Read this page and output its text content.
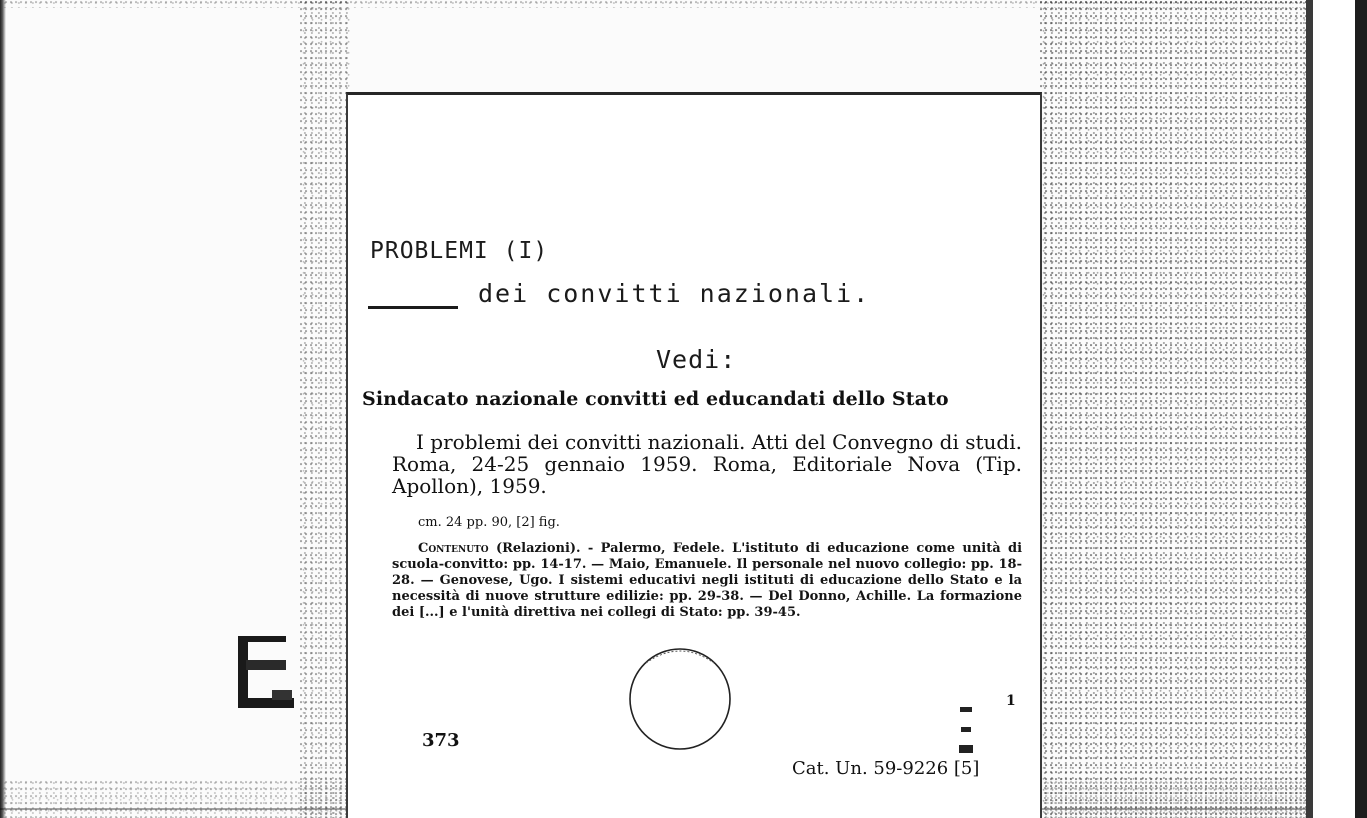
PROBLEMI (I)
dei convitti nazionali.
Vedi:
Sindacato nazionale convitti ed educandati dello Stato
I problemi dei convitti nazionali. Atti del Convegno di studi. Roma, 24-25 gennaio 1959. Roma, Editoriale Nova (Tip. Apollon), 1959.
cm. 24 pp. 90, [2] fig.
Contenuto (Relazioni). - Palermo, Fedele. L'istituto di educazione come unità di scuola-convitto: pp. 14-17. — Maio, Emanuele. Il personale nel nuovo collegio: pp. 18-28. — Genovese, Ugo. I sistemi educativi negli istituti di educazione dello Stato e la necessità di nuove strutture edilizie: pp. 29-38. — Del Donno, Achille. La formazione dei [...] e l'unità direttiva nei collegi di Stato: pp. 39-45.
373
1
Cat. Un. 59-9226 [5]
